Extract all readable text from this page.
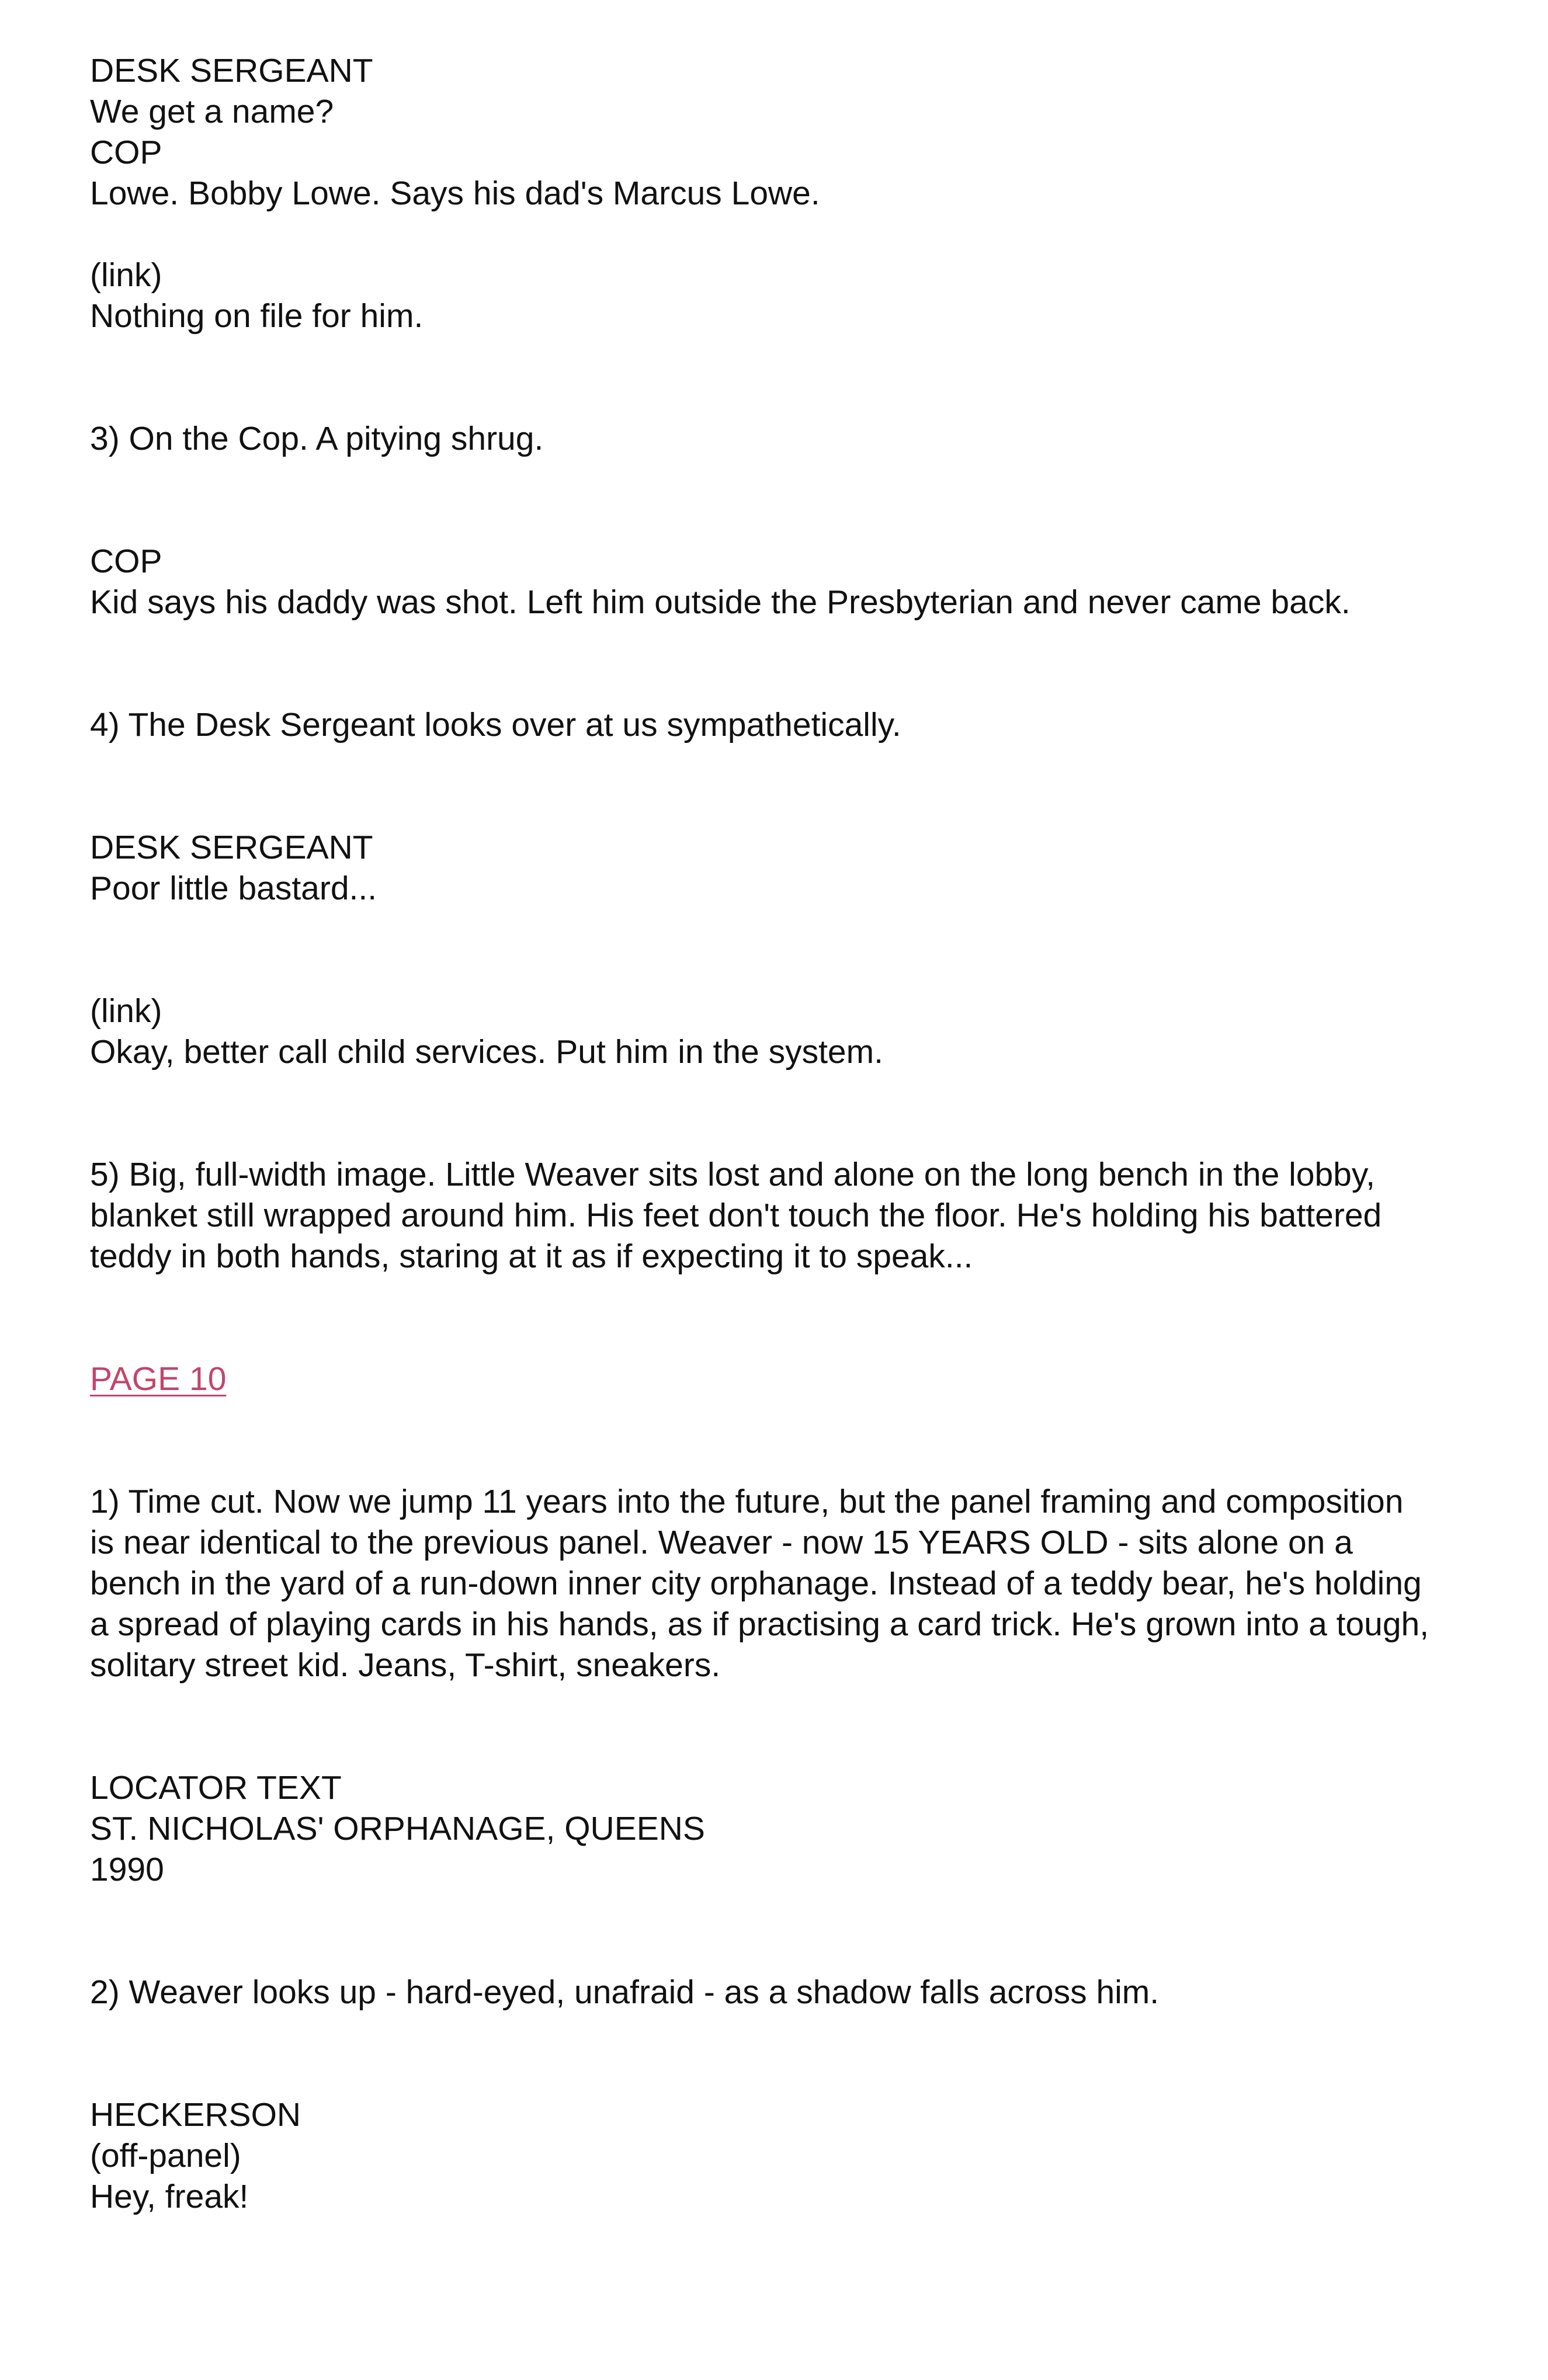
DESK SERGEANT
We get a name?
COP
Lowe. Bobby Lowe. Says his dad's Marcus Lowe.
(link)
Nothing on file for him.
3) On the Cop. A pitying shrug.
COP
Kid says his daddy was shot. Left him outside the Presbyterian and never came back.
4) The Desk Sergeant looks over at us sympathetically.
DESK SERGEANT
Poor little bastard...
(link)
Okay, better call child services. Put him in the system.
5) Big, full-width image. Little Weaver sits lost and alone on the long bench in the lobby,
blanket still wrapped around him. His feet don't touch the floor. He's holding his battered
teddy in both hands, staring at it as if expecting it to speak...
PAGE 10
1) Time cut. Now we jump 11 years into the future, but the panel framing and composition
is near identical to the previous panel. Weaver - now 15 YEARS OLD - sits alone on a
bench in the yard of a run-down inner city orphanage. Instead of a teddy bear, he's holding
a spread of playing cards in his hands, as if practising a card trick. He's grown into a tough,
solitary street kid. Jeans, T-shirt, sneakers.
LOCATOR TEXT
ST. NICHOLAS' ORPHANAGE, QUEENS
1990
2) Weaver looks up - hard-eyed, unafraid - as a shadow falls across him.
HECKERSON
(off-panel)
Hey, freak!
